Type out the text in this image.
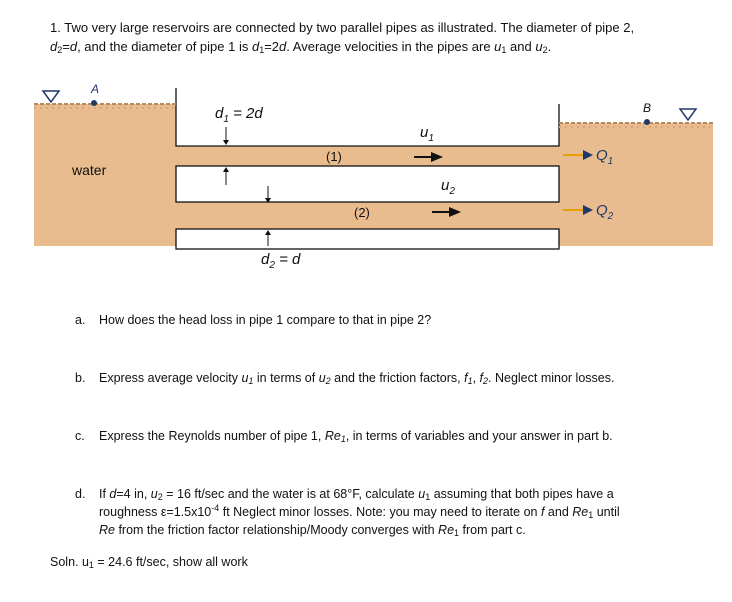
1. Two very large reservoirs are connected by two parallel pipes as illustrated. The diameter of pipe 2,
$d_2=d$, and the diameter of pipe 1 is $d_1=2d$. Average velocities in the pipes are $u_1$ and $u_2$.
A
B
water
$d_1 = 2d$
$d_2 = d$
(1)
(2)
$u_1$
$u_2$
$Q_1$
$Q_2$
a. How does the head loss in pipe 1 compare to that in pipe 2?
b. Express average velocity $u_1$ in terms of $u_2$ and the friction factors, $f_1$, $f_2$. Neglect minor losses.
c. Express the Reynolds number of pipe 1, $Re_1$, in terms of variables and your answer in part b.
d. If d=4 in, $u_2 = 16$ ft/sec and the water is at 68°F, calculate $u_1$ assuming that both pipes have a
roughness $\varepsilon=1.5x10^{-4}$ ft Neglect minor losses. Note: you may need to iterate on f and $Re_1$ until
Re from the friction factor relationship/Moody converges with $Re_1$ from part c.
Soln. $u_1 = 24.6$ ft/sec, show all work
